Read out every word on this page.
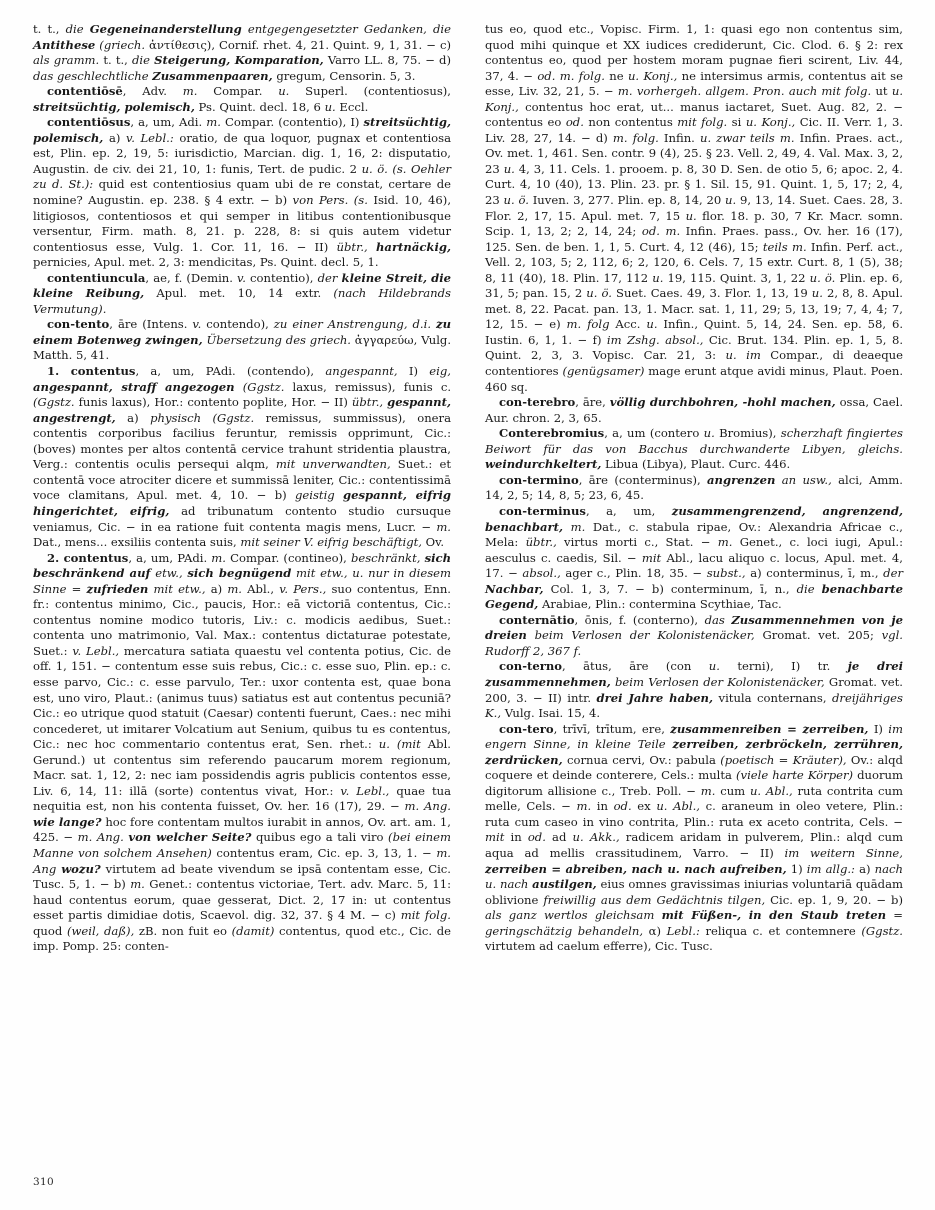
t. t., die Gegeneinanderstellung entgegengesetzter Gedanken, die Antithese (griech. ἀντίθεσις), Cornif. rhet. 4, 21. Quint. 9, 1, 31. − c) als gramm. t. t., die Steigerung, Komparation, Varro LL. 8, 75. − d) das geschlechtliche Zusammenpaaren, gregum, Censorin. 5, 3.

contentiōsē, Adv. m. Compar. u. Superl. (contentiosus), streitsüchtig, polemisch, Ps. Quint. decl. 18, 6 u. Eccl.

contentiōsus, a, um, Adi. m. Compar. (contentio), I) streitsüchtig, polemisch, a) v. Lebl.: oratio, de qua loquor, pugnax et contentiosa est, Plin. ep. 2, 19, 5: iurisdictio, Marcian. dig. 1, 16, 2: disputatio, Augustin. de civ. dei 21, 10, 1: funis, Tert. de pudic. 2 u. ö. (s. Oehler zu d. St.): quid est contentiosius quam ubi de re constat, certare de nomine? Augustin. ep. 238. § 4 extr. − b) von Pers. (s. Isid. 10, 46), litigiosos, contentiosos et qui semper in litibus contentionibusque versentur, Firm. math. 8, 21. p. 228, 8: si quis autem videtur contentiosus esse, Vulg. 1. Cor. 11, 16. − II) übtr., hartnäckig, pernicies, Apul. met. 2, 3: mendicitas, Ps. Quint. decl. 5, 1.

contentiuncula, ae, f. (Demin. v. contentio), der kleine Streit, die kleine Reibung, Apul. met. 10, 14 extr. (nach Hildebrands Vermutung).

con-tento, āre (Intens. v. contendo), zu einer Anstrengung, d.i. zu einem Botenweg zwingen, Übersetzung des griech. ἀγγαρεύω, Vulg. Matth. 5, 41.

1. contentus, a, um, PAdi. (contendo), angespannt, I) eig, angespannt, straff angezogen (Ggstz. laxus, remissus), funis c. (Ggstz. funis laxus), Hor.: contento poplite, Hor. − II) übtr., gespannt, angestrengt, a) physisch (Ggstz. remissus, summissus), onera contentis corporibus facilius feruntur, remissis opprimunt, Cic.: (boves) montes per altos contentā cervice trahunt stridentia plaustra, Verg.: contentis oculis persequi alqm, mit unverwandten, Suet.: et contentā voce atrociter dicere et summissā leniter, Cic.: contentissimā voce clamitans, Apul. met. 4, 10. − b) geistig gespannt, eifrig hingerichtet, eifrig, ad tribunatum contento studio cursuque veniamus, Cic. − in ea ratione fuit contenta magis mens, Lucr. − m. Dat., mens... exsiliis contenta suis, mit seiner V. eifrig beschäftigt, Ov.

2. contentus, a, um, PAdi. m. Compar. (contineo), beschränkt, sich beschränkend auf etw., sich begnügend mit etw., u. nur in diesem Sinne = zufrieden mit etw., a) m. Abl., v. Pers., suo contentus, Enn. fr.: contentus minimo, Cic., paucis, Hor.: eā victoriā contentus, Cic.: contentus nomine modico tutoris, Liv.: c. modicis aedibus, Suet.: contenta uno matrimonio, Val. Max.: contentus dictaturae potestate, Suet.: v. Lebl., mercatura satiata quaestu vel contenta potius, Cic. de off. 1, 151. − contentum esse suis rebus, Cic.: c. esse suo, Plin. ep.: c. esse parvo, Cic.: c. esse parvulo, Ter.: uxor contenta est, quae bona est, uno viro, Plaut.: (animus tuus) satiatus est aut contentus pecuniā? Cic.: eo utrique quod statuit (Caesar) contenti fuerunt, Caes.: nec mihi concederet, ut imitarer Volcatium aut Senium, quibus tu es contentus, Cic.: nec hoc commentario contentus erat, Sen. rhet.: u. (mit Abl. Gerund.) ut contentus sim referendo paucarum morem regionum, Macr. sat. 1, 12, 2: nec iam possidendis agris publicis contentos esse, Liv. 6, 14, 11: illā (sorte) contentus vivat, Hor.: v. Lebl., quae tua nequitia est, non his contenta fuisset, Ov. her. 16 (17), 29. − m. Ang. wie lange? hoc fore contentam multos iurabit in annos, Ov. art. am. 1, 425. − m. Ang. von welcher Seite? quibus ego a tali viro (bei einem Manne von solchem Ansehen) contentus eram, Cic. ep. 3, 13, 1. − m. Ang wozu? virtutem ad beate vivendum se ipsā contentam esse, Cic. Tusc. 5, 1. − b) m. Genet.: contentus victoriae, Tert. adv. Marc. 5, 11: haud contentus eorum, quae gesserat, Dict. 2, 17 in: ut contentus esset partis dimidiae dotis, Scaevol. dig. 32, 37. § 4 M. − c) mit folg. quod (weil, daß), zB. non fuit eo (damit) contentus, quod etc., Cic. de imp. Pomp. 25: conten-

tus eo, quod etc., Vopisc. Firm. 1, 1: quasi ego non contentus sim, quod mihi quinque et XX iudices crediderunt, Cic. Clod. 6. § 2: rex contentus eo, quod per hostem moram pugnae fieri scirent, Liv. 44, 37, 4. − od. m. folg. ne u. Konj., ne intersimus armis, contentus ait se esse, Liv. 32, 21, 5. − m. vorhergeh. allgem. Pron. auch mit folg. ut u. Konj., contentus hoc erat, ut... manus iactaret, Suet. Aug. 82, 2. − contentus eo od. non contentus mit folg. si u. Konj., Cic. II. Verr. 1, 3. Liv. 28, 27, 14. − d) m. folg. Infin. u. zwar teils m. Infin. Praes. act., Ov. met. 1, 461. Sen. contr. 9 (4), 25. § 23. Vell. 2, 49, 4. Val. Max. 3, 2, 23 u. 4, 3, 11. Cels. 1. prooem. p. 8, 30 D. Sen. de otio 5, 6; apoc. 2, 4. Curt. 4, 10 (40), 13. Plin. 23. pr. § 1. Sil. 15, 91. Quint. 1, 5, 17; 2, 4, 23 u. ö. Iuven. 3, 277. Plin. ep. 8, 14, 20 u. 9, 13, 14. Suet. Caes. 28, 3. Flor. 2, 17, 15. Apul. met. 7, 15 u. flor. 18. p. 30, 7 Kr. Macr. somn. Scip. 1, 13, 2; 2, 14, 24; od. m. Infin. Praes. pass., Ov. her. 16 (17), 125. Sen. de ben. 1, 1, 5. Curt. 4, 12 (46), 15; teils m. Infin. Perf. act., Vell. 2, 103, 5; 2, 112, 6; 2, 120, 6. Cels. 7, 15 extr. Curt. 8, 1 (5), 38; 8, 11 (40), 18. Plin. 17, 112 u. 19, 115. Quint. 3, 1, 22 u. ö. Plin. ep. 6, 31, 5; pan. 15, 2 u. ö. Suet. Caes. 49, 3. Flor. 1, 13, 19 u. 2, 8, 8. Apul. met. 8, 22. Pacat. pan. 13, 1. Macr. sat. 1, 11, 29; 5, 13, 19; 7, 4, 4; 7, 12, 15. − e) m. folg Acc. u. Infin., Quint. 5, 14, 24. Sen. ep. 58, 6. Iustin. 6, 1, 1. − f) im Zshg. absol., Cic. Brut. 134. Plin. ep. 1, 5, 8. Quint. 2, 3, 3. Vopisc. Car. 21, 3: u. im Compar., di deaeque contentiores (genügsamer) mage erunt atque avidi minus, Plaut. Poen. 460 sq.

con-terebro, āre, völlig durchbohren, -hohl machen, ossa, Cael. Aur. chron. 2, 3, 65.

Conterebromius, a, um (contero u. Bromius), scherzhaft fingiertes Beiwort für das von Bacchus durchwanderte Libyen, gleichs. weindurchkeltert, Libua (Libya), Plaut. Curc. 446.

con-termino, āre (conterminus), angrenzen an usw., alci, Amm. 14, 2, 5; 14, 8, 5; 23, 6, 45.

con-terminus, a, um, zusammengrenzend, angrenzend, benachbart, m. Dat., c. stabula ripae, Ov.: Alexandria Africae c., Mela: übtr., virtus morti c., Stat. − m. Genet., c. loci iugi, Apul.: aesculus c. caedis, Sil. − mit Abl., lacu aliquo c. locus, Apul. met. 4, 17. − absol., ager c., Plin. 18, 35. − subst., a) conterminus, ī, m., der Nachbar, Col. 1, 3, 7. − b) conterminum, ī, n., die benachbarte Gegend, Arabiae, Plin.: contermina Scythiae, Tac.

conternātio, ōnis, f. (conterno), das Zusammennehmen von je dreien beim Verlosen der Kolonistenäcker, Gromat. vet. 205; vgl. Rudorff 2, 367 f.

con-terno, ātus, āre (con u. terni), I) tr. je drei zusammennehmen, beim Verlosen der Kolonistenäcker, Gromat. vet. 200, 3. − II) intr. drei Jahre haben, vitula conternans, dreijähriges K., Vulg. Isai. 15, 4.

con-tero, trīvī, trītum, ere, zusammenreiben = zerreiben, I) im engern Sinne, in kleine Teile zerreiben, zerbröckeln, zerrühren, zerdrücken, cornua cervi, Ov.: pabula (poetisch = Kräuter), Ov.: alqd coquere et deinde conterere, Cels.: multa (viele harte Körper) duorum digitorum allisione c., Treb. Poll. − m. cum u. Abl., ruta contrita cum melle, Cels. − m. in od. ex u. Abl., c. araneum in oleo vetere, Plin.: ruta cum caseo in vino contrita, Plin.: ruta ex aceto contrita, Cels. − mit in od. ad u. Akk., radicem aridam in pulverem, Plin.: alqd cum aqua ad mellis crassitudinem, Varro. − II) im weitern Sinne, zerreiben = abreiben, nach u. nach aufreiben, 1) im allg.: a) nach u. nach austilgen, eius omnes gravissimas iniurias voluntariā quādam oblivione freiwillig aus dem Gedächtnis tilgen, Cic. ep. 1, 9, 20. − b) als ganz wertlos gleichsam mit Füßen-, in den Staub treten = geringschätzig behandeln, α) Lebl.: reliqua c. et contemnere (Ggstz. virtutem ad caelum efferre), Cic. Tusc.

310
